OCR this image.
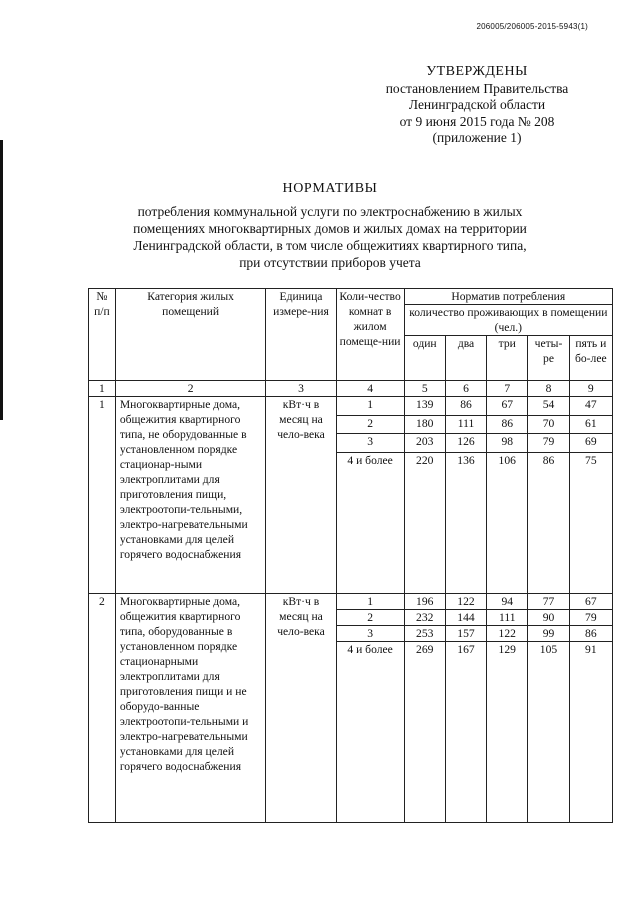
206005/206005-2015-5943(1)
УТВЕРЖДЕНЫ
постановлением Правительства
Ленинградской области
от 9 июня 2015 года № 208
(приложение 1)
НОРМАТИВЫ
потребления коммунальной услуги по электроснабжению в жилых
помещениях многоквартирных домов и жилых домах на территории
Ленинградской области, в том числе общежитиях квартирного типа,
при отсутствии приборов учета
№ п/п	Категория жилых помещений	Единица измере-ния	Коли-чество комнат в жилом помеще-нии	Норматив потребления				
				количество проживающих в помещении (чел.)				
				один	два	три	четы-ре	пять и бо-лее
1	2	3	4	5	6	7	8	9
1	Многоквартирные дома, общежития квартирного типа, не оборудованные в установленном порядке стационар-ными электроплитами для приготовления пищи, электроотопи-тельными, электро-нагревательными установками для целей горячего водоснабжения	кВт·ч в месяц на чело-века	1	139	86	67	54	47
			2	180	111	86	70	61
			3	203	126	98	79	69
			4 и более	220	136	106	86	75
2	Многоквартирные дома, общежития квартирного типа, оборудованные в установленном порядке стационарными электроплитами для приготовления пищи и не оборудо-ванные электроотопи-тельными и электро-нагревательными установками для целей горячего водоснабжения	кВт·ч в месяц на чело-века	1	196	122	94	77	67
			2	232	144	111	90	79
			3	253	157	122	99	86
			4 и более	269	167	129	105	91
